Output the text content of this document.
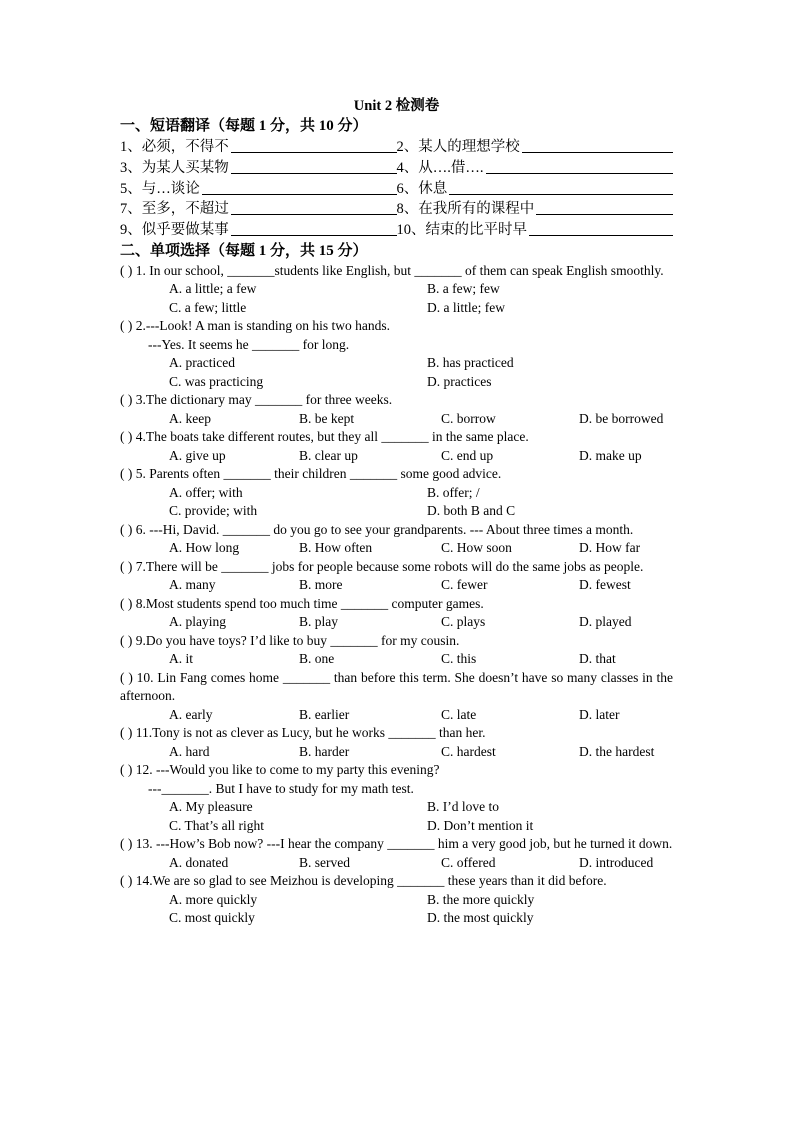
Unit 2 检测卷
一、短语翻译（每题 1 分，共 10 分）
1、必须，不得不	2、某人的理想学校
3、为某人买某物	4、从….借….
5、与…谈论	6、休息
7、至多，不超过	8、在我所有的课程中
9、似乎要做某事	10、结束的比平时早
二、单项选择（每题 1 分，共 15 分）
( ) 1. In our school, _______students like English, but _______ of them can speak English smoothly.
A. a little; a few	B. a few; few
C. a few; little	D. a little; few
( ) 2.---Look! A man is standing on his two hands.
---Yes. It seems he _______ for long.
A. practiced	B. has practiced
C. was practicing	D. practices
( ) 3.The dictionary may _______ for three weeks.
A. keep	B. be kept	C. borrow	D. be borrowed
( ) 4.The boats take different routes, but they all _______ in the same place.
A. give up	B. clear up	C. end up	D. make up
( ) 5. Parents often _______ their children _______ some good advice.
A. offer; with	B. offer; /
C. provide; with	D. both B and C
( ) 6. ---Hi, David. _______ do you go to see your grandparents. --- About three times a month.
A. How long	B. How often	C. How soon	D. How far
( ) 7.There will be _______ jobs for people because some robots will do the same jobs as people.
A. many	B. more	C. fewer	D. fewest
( ) 8.Most students spend too much time _______ computer games.
A. playing	B. play	C. plays	D. played
( ) 9.Do you have toys? I’d like to buy _______ for my cousin.
A. it	B. one	C. this	D. that
( ) 10. Lin Fang comes home _______ than before this term. She doesn’t have so many classes in the afternoon.
A. early	B. earlier	C. late	D. later
( ) 11.Tony is not as clever as Lucy, but he works _______ than her.
A. hard	B. harder	C. hardest	D. the hardest
( ) 12. ---Would you like to come to my party this evening?
---_______. But I have to study for my math test.
A. My pleasure	B. I’d love to
C. That’s all right	D. Don’t mention it
( ) 13. ---How’s Bob now? ---I hear the company _______ him a very good job, but he turned it down.
A. donated	B. served	C. offered	D. introduced
( ) 14.We are so glad to see Meizhou is developing _______ these years than it did before.
A. more quickly	B. the more quickly
C. most quickly	D. the most quickly
